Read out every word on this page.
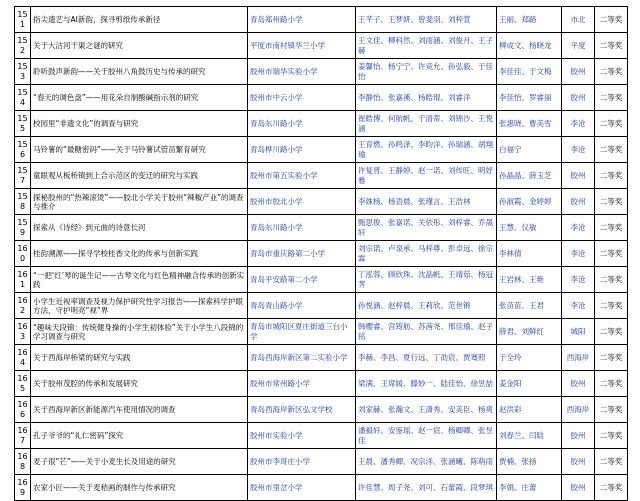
151	指尖遗艺与AI新韵，探寻剪纸传承新径	青岛郑州路小学	王芊子、王梦妍、曾斐羽、刘梓萱	王丽、郑路	市北	二等奖
152	关于大沽河干渠之谜的研究	平度市南村镇华兰小学	王文佳、柳科然、刘雨涵、刘俊月、王子赫	柳成文、杨晓龙	平度	二等奖
153	聆听鼓声新韵——关于胶州八角鼓历史与传承的研究	胶州市瑞华实验小学	姜馨怡、杨宁宁、许竞允、孙弘毅、于佳怡	李佳佳、于文梅	胶州	二等奖
154	“春天的调色盘”——用花朵自制酸碱指示剂的研究	胶州市中云小学	李静怡、张嘉溪、杨皓琨、刘睿洋	李佳怡、罗睿丽	胶州	二等奖
155	校园里“非遗文化”的调查与研究	青岛东川路小学	崔皓博、何航帆、于清蒂、刘锦沙、王悦涵	张惠晓、曹美雪	李沧	二等奖
156	马铃薯的“最糖密码”——关于马铃薯试管苗繁育研究	青岛桦川路小学	王育燃、孙鸣泽、李昀洋、孙瑞涵、胡翔瑜	白福宁	李沧	二等奖
157	童眼观从板桥镇到上合示范区的变迁的研究与实践	胶州市第五实验小学	许复晋、王静婷、赵一诺、刘传旺、明妤雅	孙晶晶、薛玉芝	胶州	二等奖
158	探秘胶州的“热辣滚烫”——胶北小学关于胶州“辣椒产业”的调查与推介	胶州市胶北小学	李姝杨、杨语晨、张瑾言、王浩林	孙淑霞、金婷婷	胶州	二等奖
159	探索从《诗经》到元曲的诗意长河	青岛东川路小学	甄思俊、张嘉诺、关依彤、刘梓睿、乔晟轩	王慧、仪敏	李沧	二等奖
160	桂韵溯源——探寻学校桂香文化的传承与创新实践	青岛市重庆路第二小学	刘宗诺、卢泉承、马梓尊、彭卓远、徐宗霖	李林倩	李沧	二等奖
161	“一把‘红’琴的诞生记——古琴文化与红色精神融合传承的创新实践	青岛平安路第二小学	丁泓蓉、顾欣珠、沈晶帆、王靖茹、杨冠荠	王岩林、王艳	李沧	二等奖
162	小学生近视率调查及视力保护研究性学习报告——探索科学护眼方法，守护明亮“视”界	青岛青山路小学	孙悦涵、赵梓晨、王莉欣、范世锵	张苗苗、王君	李沧	二等奖
163	“趣味天段锦：传统健身操的小学生初体验”关于小学生八段锦的学习调查与研究	青岛市城阳区夏庄街道三台小学	韩樱睿、宫筠舫、苏茜尧、邢佳瑜、赵子铭	薛君、刘鲜红	城阳	二等奖
164	关于西海岸桥梁的研究与实践	青岛西海岸新区第二实验小学	李赫、李昌、夏行远、丁劭宸、贾骞照	于全玲	西海岸	二等奖
165	关于胶州茂腔的传承和发展研究	胶州市常州路小学	梁满、王席媛、滕妙一、陆佳怡、徐昱喆	姜金阳	胶州	二等奖
166	关于西海岸新区新能源汽车使用情况的调查	青岛西海岸新区弘文学校	刘家赫、张瀚文、王潇秀、安美臣、杨爽	赵洪彩	西海岸	二等奖
167	孔子爷爷的“礼仁密码”探究	胶州市实验小学	潘毅轩、安鉴瑶、赵一宸、杨卿卿、张昱佳	刘春兰、闫晗	胶州	二等奖
168	麦子很“芒”——关于小麦生长及用途的研究	胶州市李哥庄小学	王晨、潘秀卿、况宗洋、张涵曦、陈萌雨	贾楠、张扬	胶州	二等奖
169	农家小匠——关于麦秸画的制作与传承研究	胶州市里岔小学	许佳慧、周子尧、刘可、石蕾霞、段梦琪	李娟、庄蕾	胶州	二等奖
